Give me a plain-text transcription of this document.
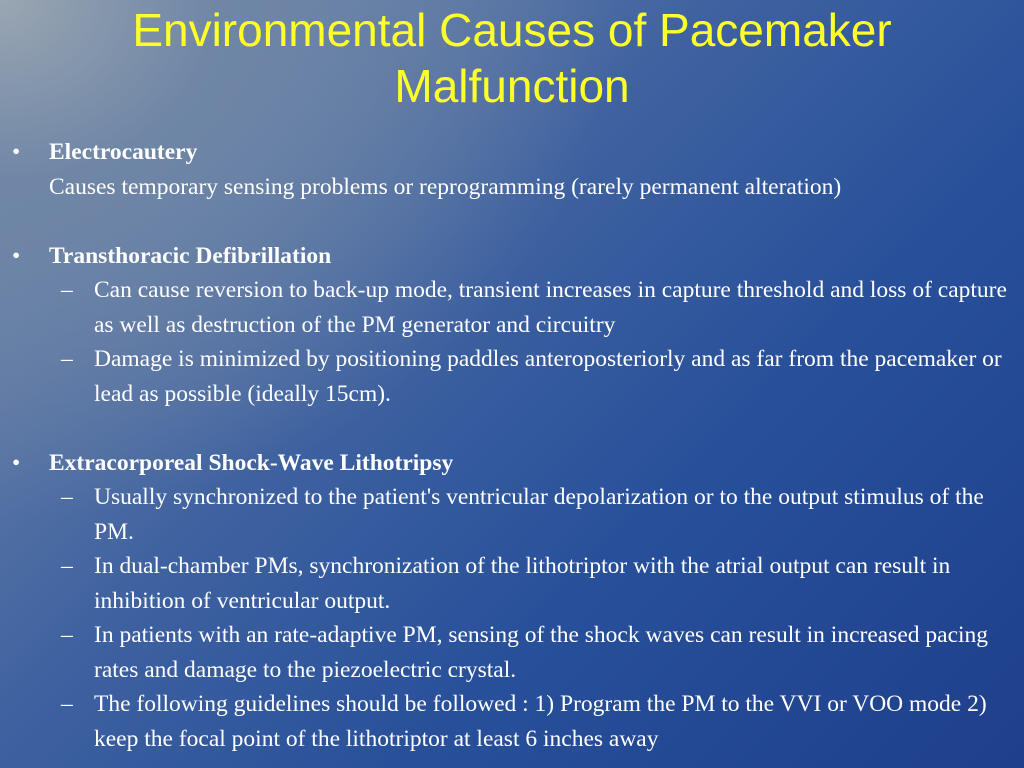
Environmental Causes of Pacemaker
Malfunction
• Electrocautery
Causes temporary sensing problems or reprogramming (rarely permanent alteration)
• Transthoracic Defibrillation
– Can cause reversion to back-up mode, transient increases in capture threshold and loss of capture as well as destruction of the PM generator and circuitry
– Damage is minimized by positioning paddles anteroposteriorly and as far from the pacemaker or lead as possible (ideally 15cm).
• Extracorporeal Shock-Wave Lithotripsy
– Usually synchronized to the patient's ventricular depolarization or to the output stimulus of the PM.
– In dual-chamber PMs, synchronization of the lithotriptor with the atrial output can result in inhibition of ventricular output.
– In patients with an rate-adaptive PM, sensing of the shock waves can result in increased pacing rates and damage to the piezoelectric crystal.
– The following guidelines should be followed : 1) Program the PM to the VVI or VOO mode 2) keep the focal point of the lithotriptor at least 6 inches away
